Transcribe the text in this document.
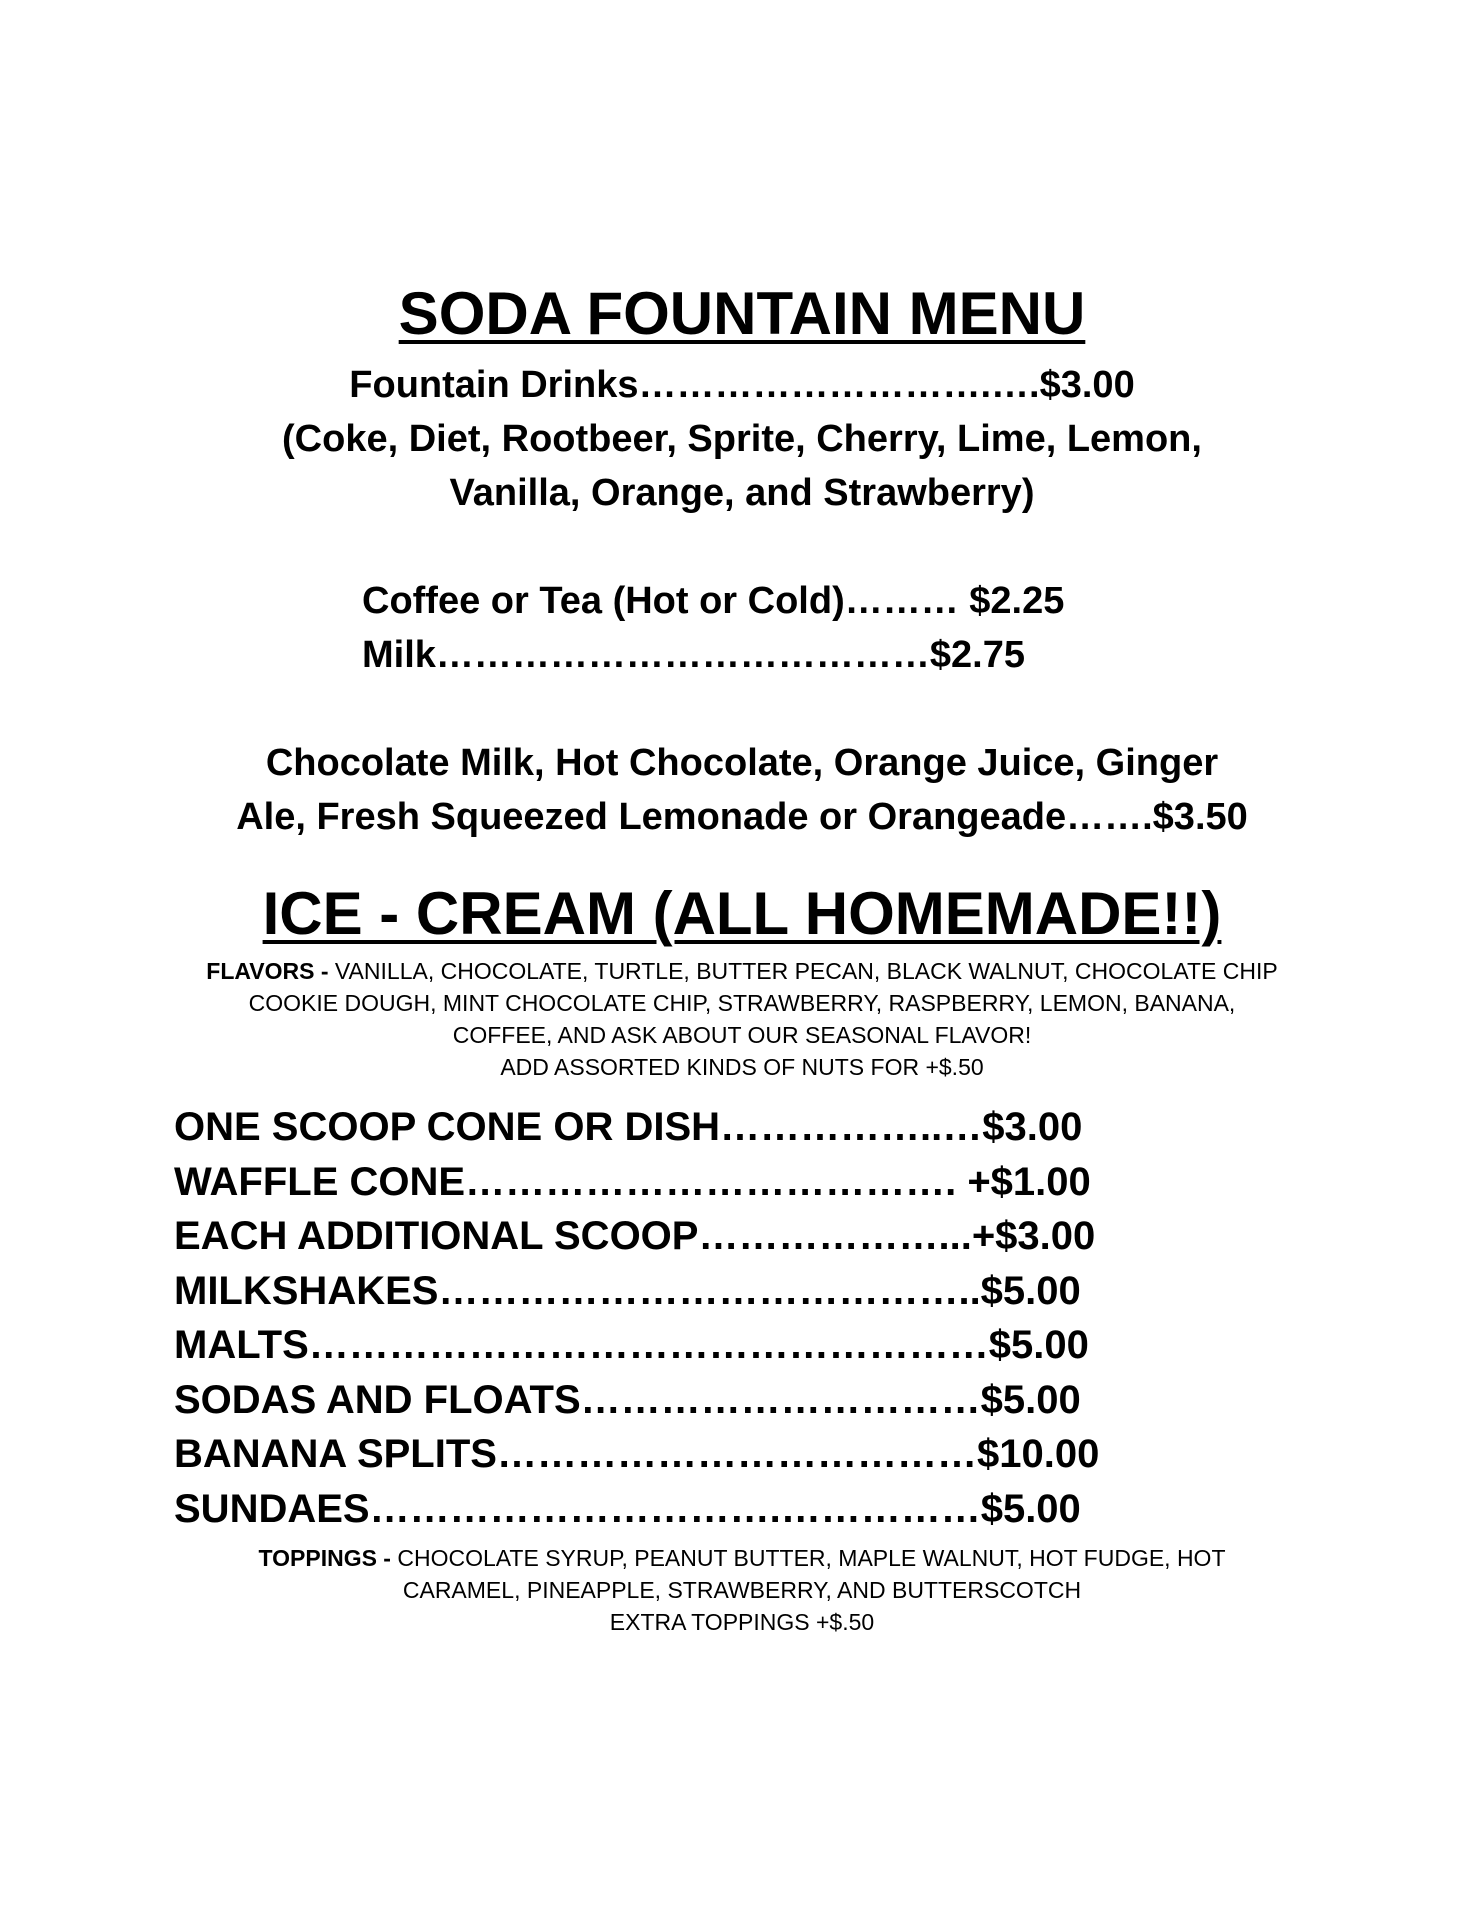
SODA FOUNTAIN MENU
Fountain Drinks……………………….….$3.00
(Coke, Diet, Rootbeer, Sprite, Cherry, Lime, Lemon,
Vanilla, Orange, and Strawberry)
Coffee or Tea (Hot or Cold)……… $2.25
Milk…………………………………$2.75
Chocolate Milk, Hot Chocolate, Orange Juice, Ginger
Ale, Fresh Squeezed Lemonade or Orangeade…….$3.50
ICE - CREAM (ALL HOMEMADE!!)
FLAVORS - VANILLA, CHOCOLATE, TURTLE, BUTTER PECAN, BLACK WALNUT, CHOCOLATE CHIP
COOKIE DOUGH, MINT CHOCOLATE CHIP, STRAWBERRY, RASPBERRY, LEMON, BANANA,
COFFEE, AND ASK ABOUT OUR SEASONAL FLAVOR!
ADD ASSORTED KINDS OF NUTS FOR +$.50
ONE SCOOP CONE OR DISH……………..…$3.00
WAFFLE CONE………………………………. +$1.00
EACH ADDITIONAL SCOOP………………...+$3.00
MILKSHAKES…………………………………..$5.00
MALTS……………………………………………$5.00
SODAS AND FLOATS…………………………$5.00
BANANA SPLITS………………………………$10.00
SUNDAES………………………….……………$5.00
TOPPINGS - CHOCOLATE SYRUP, PEANUT BUTTER, MAPLE WALNUT, HOT FUDGE, HOT
CARAMEL, PINEAPPLE, STRAWBERRY, AND BUTTERSCOTCH
EXTRA TOPPINGS +$.50
